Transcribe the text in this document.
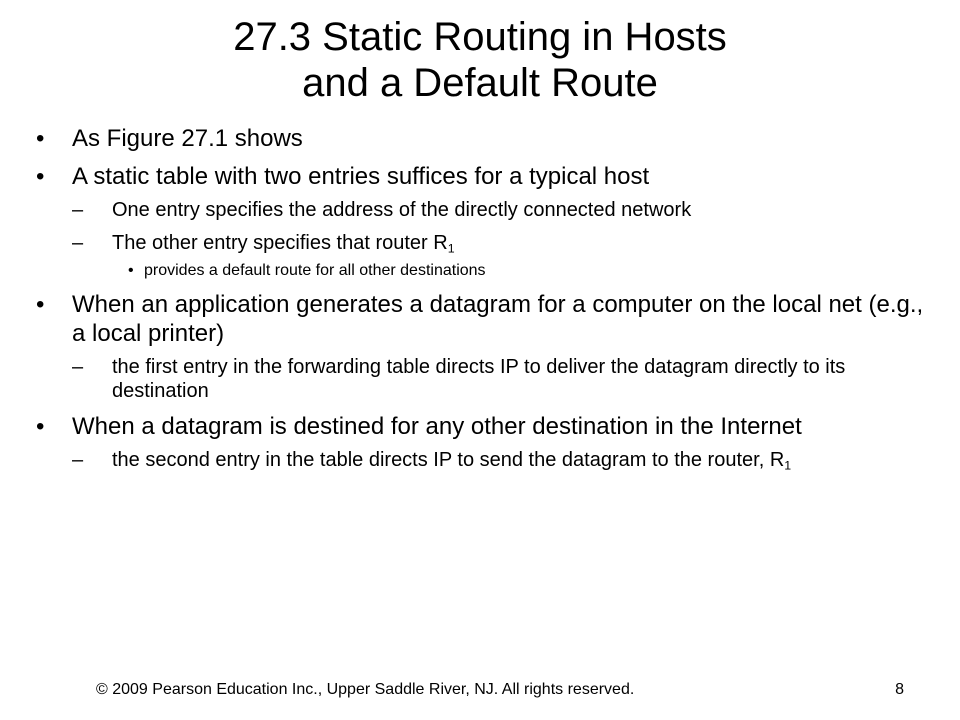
27.3 Static Routing in Hosts
and a Default Route
• As Figure 27.1 shows
• A static table with two entries suffices for a typical host
– One entry specifies the address of the directly connected network
– The other entry specifies that router $R_1$
• provides a default route for all other destinations
• When an application generates a datagram for a computer on the local net (e.g., a local printer)
– the first entry in the forwarding table directs IP to deliver the datagram directly to its destination
• When a datagram is destined for any other destination in the Internet
– the second entry in the table directs IP to send the datagram to the router, $R_1$
© 2009 Pearson Education Inc., Upper Saddle River, NJ. All rights reserved.	8
